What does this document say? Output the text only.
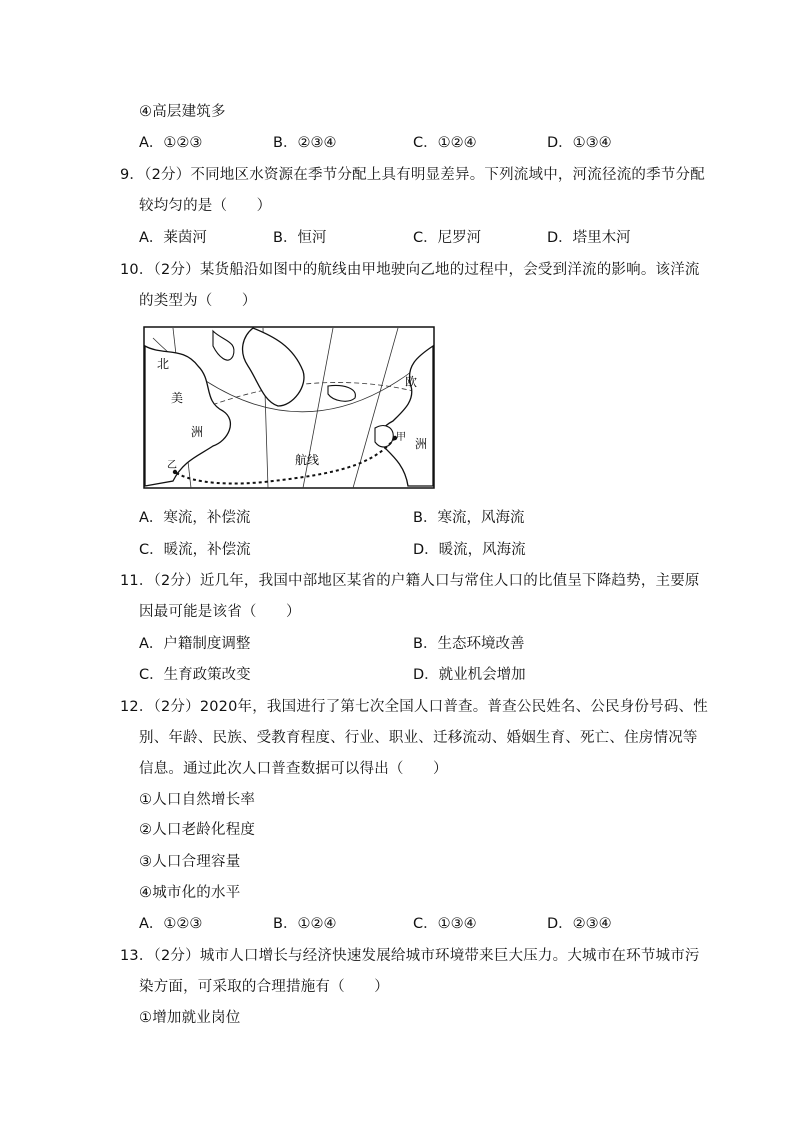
④高层建筑多
A．①②③	B．②③④	C．①②④	D．①③④
9．（2分）不同地区水资源在季节分配上具有明显差异。下列流域中，河流径流的季节分配
较均匀的是（　　）
A．莱茵河	B．恒河	C．尼罗河	D．塔里木河
10．（2分）某货船沿如图中的航线由甲地驶向乙地的过程中，会受到洋流的影响。该洋流
的类型为（　　）
北
美
洲
欧
洲
甲
乙	航线
A．寒流，补偿流	B．寒流，风海流
C．暖流，补偿流	D．暖流，风海流
11．（2分）近几年，我国中部地区某省的户籍人口与常住人口的比值呈下降趋势，主要原
因最可能是该省（　　）
A．户籍制度调整	B．生态环境改善
C．生育政策改变	D．就业机会增加
12．（2分）2020年，我国进行了第七次全国人口普查。普查公民姓名、公民身份号码、性
别、年龄、民族、受教育程度、行业、职业、迁移流动、婚姻生育、死亡、住房情况等
信息。通过此次人口普查数据可以得出（　　）
①人口自然增长率
②人口老龄化程度
③人口合理容量
④城市化的水平
A．①②③	B．①②④	C．①③④	D．②③④
13．（2分）城市人口增长与经济快速发展给城市环境带来巨大压力。大城市在环节城市污
染方面，可采取的合理措施有（　　）
①增加就业岗位
